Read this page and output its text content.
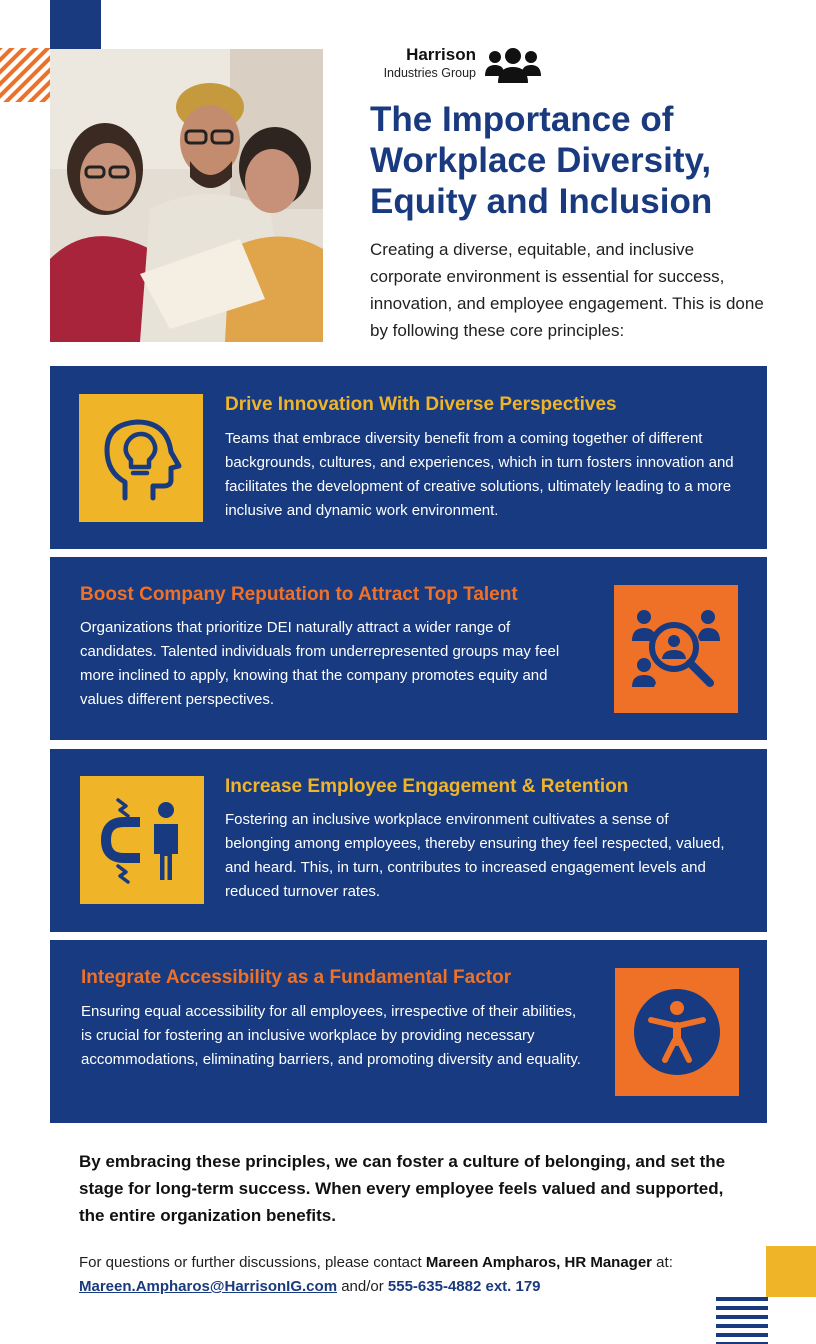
Harrison
Industries Group
The Importance of Workplace Diversity, Equity and Inclusion

Creating a diverse, equitable, and inclusive corporate environment is essential for success, innovation, and employee engagement. This is done by following these core principles:

Drive Innovation With Diverse Perspectives

Teams that embrace diversity benefit from a coming together of different backgrounds, cultures, and experiences, which in turn fosters innovation and facilitates the development of creative solutions, ultimately leading to a more inclusive and dynamic work environment.

Boost Company Reputation to Attract Top Talent

Organizations that prioritize DEI naturally attract a wider range of candidates. Talented individuals from underrepresented groups may feel more inclined to apply, knowing that the company promotes equity and values different perspectives.

Increase Employee Engagement & Retention

Fostering an inclusive workplace environment cultivates a sense of belonging among employees, thereby ensuring they feel respected, valued, and heard. This, in turn, contributes to increased engagement levels and reduced turnover rates.

Integrate Accessibility as a Fundamental Factor

Ensuring equal accessibility for all employees, irrespective of their abilities, is crucial for fostering an inclusive workplace by providing necessary accommodations, eliminating barriers, and promoting diversity and equality.

By embracing these principles, we can foster a culture of belonging, and set the stage for long-term success. When every employee feels valued and supported, the entire organization benefits.

For questions or further discussions, please contact Mareen Ampharos, HR Manager at:
Mareen.Ampharos@HarrisonIG.com and/or 555-635-4882 ext. 179
